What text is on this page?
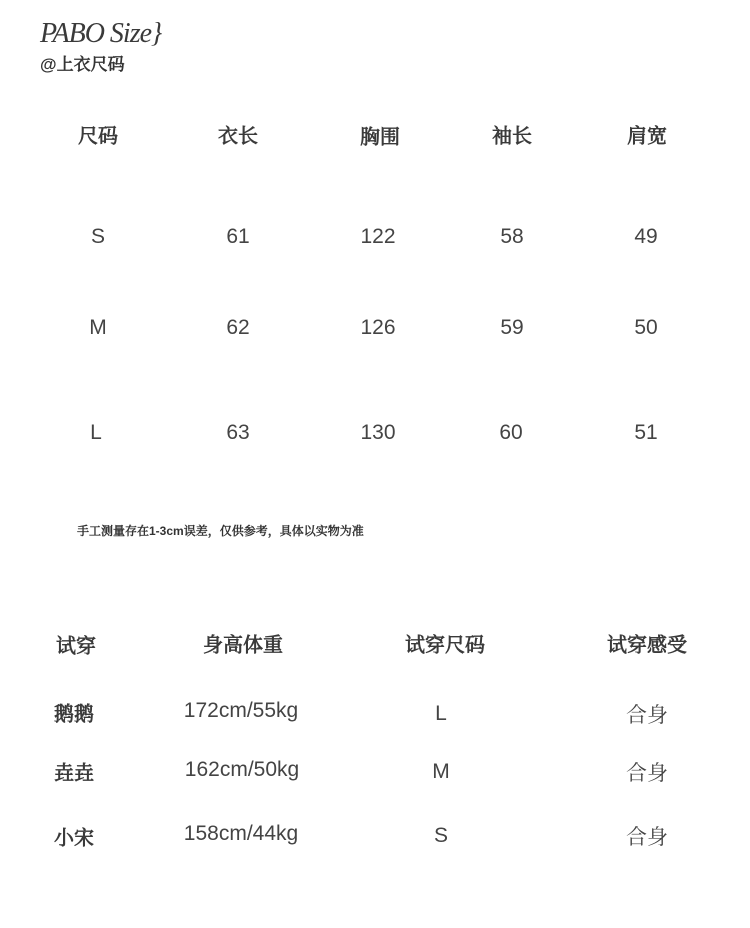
PABO Size}
@上衣尺码
尺码	衣长	胸围	袖长	肩宽
S	61	122	58	49
M	62	126	59	50
L	63	130	60	51
手工测量存在1-3cm误差，仅供参考，具体以实物为准
试穿	身高体重	试穿尺码	试穿感受
鹅鹅	172cm/55kg	L	合身
垚垚	162cm/50kg	M	合身
小宋	158cm/44kg	S	合身
